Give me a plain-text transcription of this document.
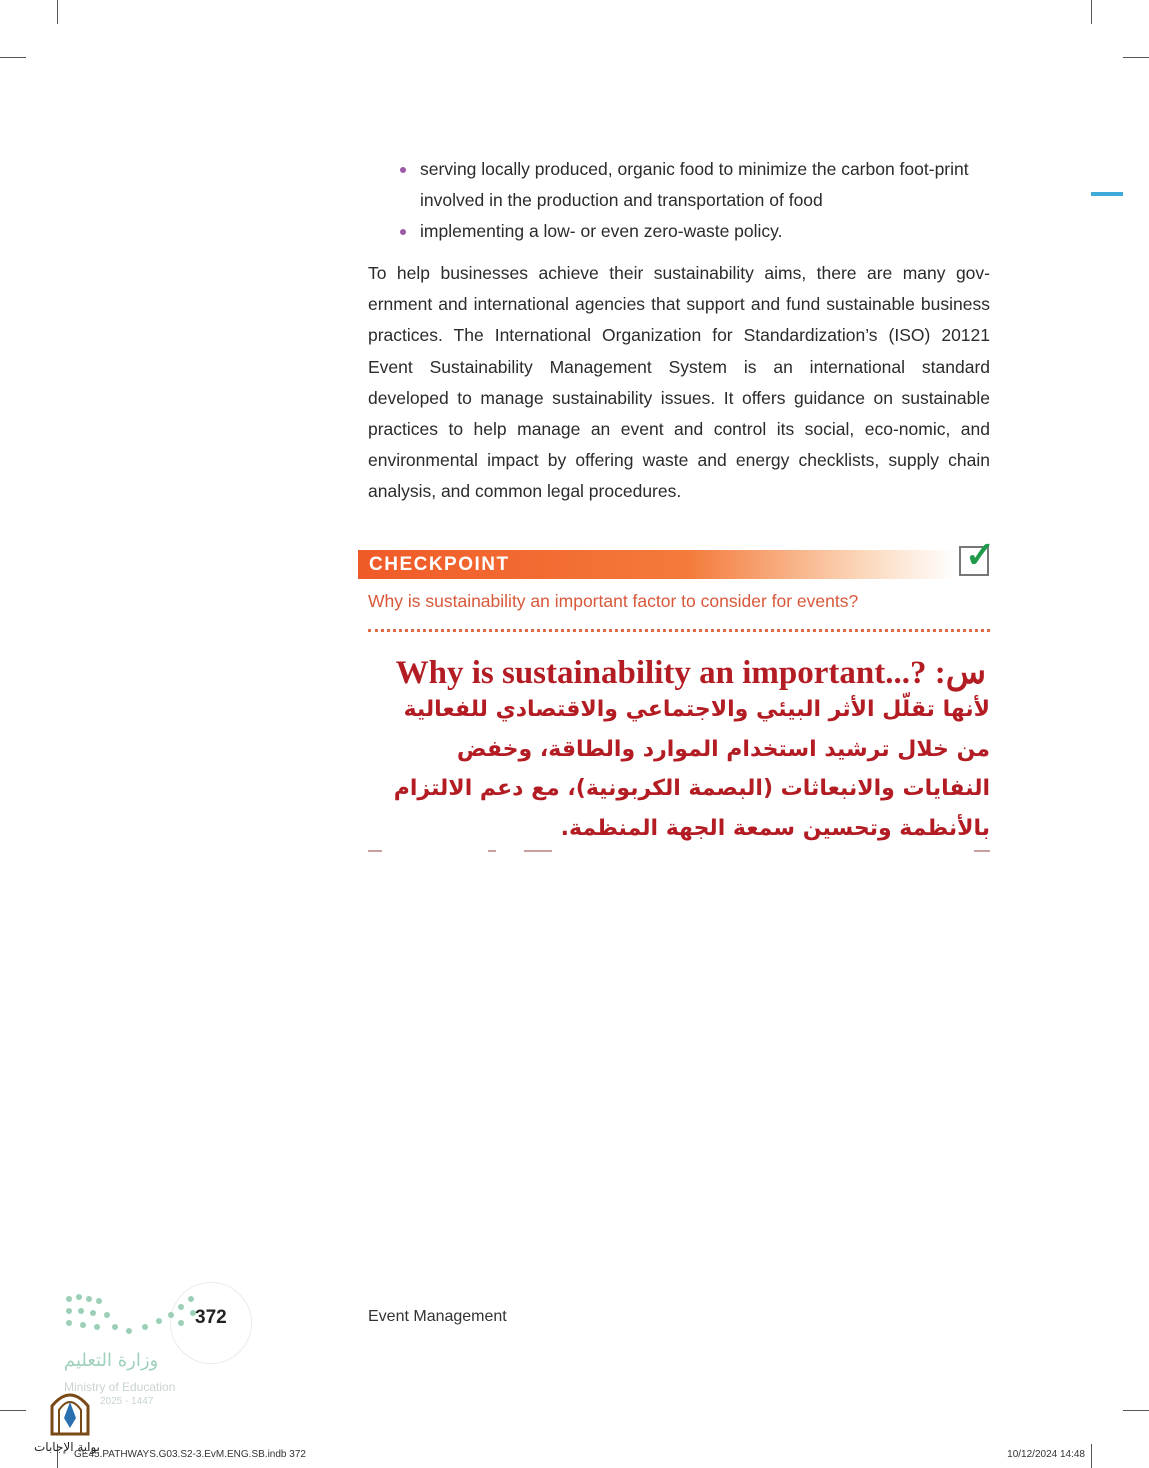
serving locally produced, organic food to minimize the carbon foot-print involved in the production and transportation of food
implementing a low- or even zero-waste policy.

To help businesses achieve their sustainability aims, there are many gov-ernment and international agencies that support and fund sustainable business practices. The International Organization for Standardization’s (ISO) 20121 Event Sustainability Management System is an international standard developed to manage sustainability issues. It offers guidance on sustainable practices to help manage an event and control its social, eco-nomic, and environmental impact by offering waste and energy checklists, supply chain analysis, and common legal procedures.

CHECKPOINT	✓
Why is sustainability an important factor to consider for events?
س: Why is sustainability an important...?
لأنها تقلّل الأثر البيئي والاجتماعي والاقتصادي للفعالية من خلال ترشيد استخدام الموارد والطاقة، وخفض النفايات والانبعاثات (البصمة الكربونية)، مع دعم الالتزام بالأنظمة وتحسين سمعة الجهة المنظمة.
372
وزارة التعليم
Ministry of Education
2025 - 1447
بوابة الإجابات
Event Management
GE45.PATHWAYS.G03.S2-3.EvM.ENG.SB.indb 372	10/12/2024 14:48
